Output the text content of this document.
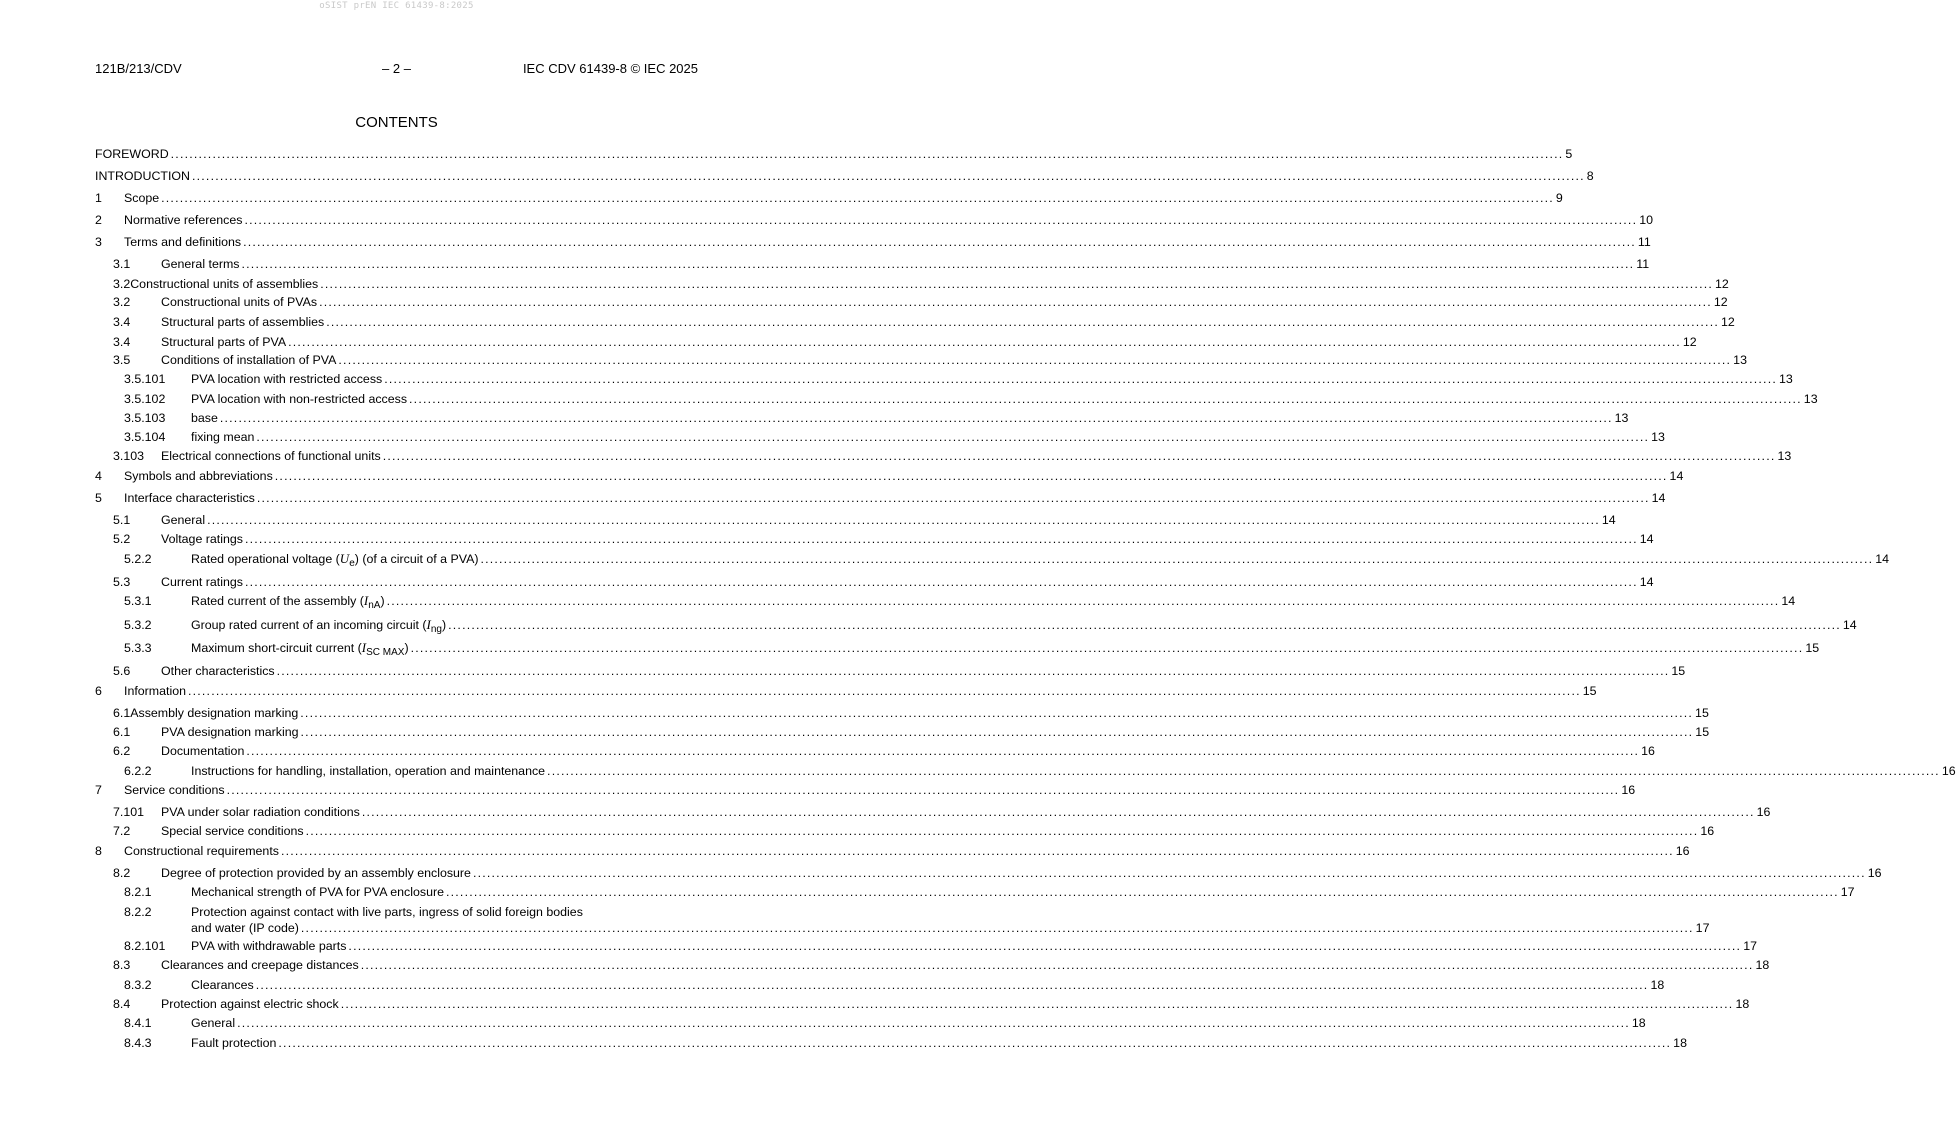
oSIST prEN IEC 61439-8:2025
121B/213/CDV	– 2 –	IEC CDV 61439-8 © IEC 2025
CONTENTS
FOREWORD ............................................................................................................................................................................................................................................................................................................ 5
INTRODUCTION ............................................................................................................................................................................................................................................................................................................ 8
1 Scope ............................................................................................................................................................................................................................................................................................................ 9
2 Normative references ............................................................................................................................................................................................................................................................................................................ 10
3 Terms and definitions ............................................................................................................................................................................................................................................................................................................ 11
3.1 General terms ............................................................................................................................................................................................................................................................................................................ 11
3.2 Constructional units of assemblies ............................................................................................................................................................................................................................................................................................................ 12
3.2 Constructional units of PVAs ............................................................................................................................................................................................................................................................................................................ 12
3.4 Structural parts of assemblies ............................................................................................................................................................................................................................................................................................................ 12
3.4 Structural parts of PVA ............................................................................................................................................................................................................................................................................................................ 12
3.5 Conditions of installation of PVA ............................................................................................................................................................................................................................................................................................................ 13
3.5.101 PVA location with restricted access ............................................................................................................................................................................................................................................................................................................ 13
3.5.102 PVA location with non-restricted access ............................................................................................................................................................................................................................................................................................................ 13
3.5.103 base ............................................................................................................................................................................................................................................................................................................ 13
3.5.104 fixing mean ............................................................................................................................................................................................................................................................................................................ 13
3.103 Electrical connections of functional units ............................................................................................................................................................................................................................................................................................................ 13
4 Symbols and abbreviations ............................................................................................................................................................................................................................................................................................................ 14
5 Interface characteristics ............................................................................................................................................................................................................................................................................................................ 14
5.1 General ............................................................................................................................................................................................................................................................................................................ 14
5.2 Voltage ratings ............................................................................................................................................................................................................................................................................................................ 14
5.2.2	Rated operational voltage $(U_e)$ (of a circuit of a PVA) ............................................................................................................................................................................................................................................................................................................ 14
5.3 Current ratings ............................................................................................................................................................................................................................................................................................................ 14
5.3.1	Rated current of the assembly $(I_{nA})$ ............................................................................................................................................................................................................................................................................................................ 14
5.3.2	Group rated current of an incoming circuit $(I_{ng})$ ............................................................................................................................................................................................................................................................................................................ 14
5.3.3	Maximum short-circuit current $(I_{SC MAX})$ ............................................................................................................................................................................................................................................................................................................ 15
5.6 Other characteristics ............................................................................................................................................................................................................................................................................................................ 15
6 Information ............................................................................................................................................................................................................................................................................................................ 15
6.1 Assembly designation marking ............................................................................................................................................................................................................................................................................................................ 15
6.1 PVA designation marking ............................................................................................................................................................................................................................................................................................................ 15
6.2 Documentation ............................................................................................................................................................................................................................................................................................................ 16
6.2.2	Instructions for handling, installation, operation and maintenance ............................................................................................................................................................................................................................................................................................................ 16
7 Service conditions ............................................................................................................................................................................................................................................................................................................ 16
7.101 PVA under solar radiation conditions ............................................................................................................................................................................................................................................................................................................ 16
7.2 Special service conditions ............................................................................................................................................................................................................................................................................................................ 16
8 Constructional requirements ............................................................................................................................................................................................................................................................................................................ 16
8.2 Degree of protection provided by an assembly enclosure ............................................................................................................................................................................................................................................................................................................ 16
8.2.1	Mechanical strength of PVA for PVA enclosure ............................................................................................................................................................................................................................................................................................................ 17
8.2.2	Protection against contact with live parts, ingress of solid foreign bodies
and water (IP code) ............................................................................................................................................................................................................................................................................................................ 17
8.2.101 PVA with withdrawable parts ............................................................................................................................................................................................................................................................................................................ 17
8.3 Clearances and creepage distances ............................................................................................................................................................................................................................................................................................................ 18
8.3.2	Clearances ............................................................................................................................................................................................................................................................................................................ 18
8.4 Protection against electric shock ............................................................................................................................................................................................................................................................................................................ 18
8.4.1	General ............................................................................................................................................................................................................................................................................................................ 18
8.4.3	Fault protection ............................................................................................................................................................................................................................................................................................................ 18
